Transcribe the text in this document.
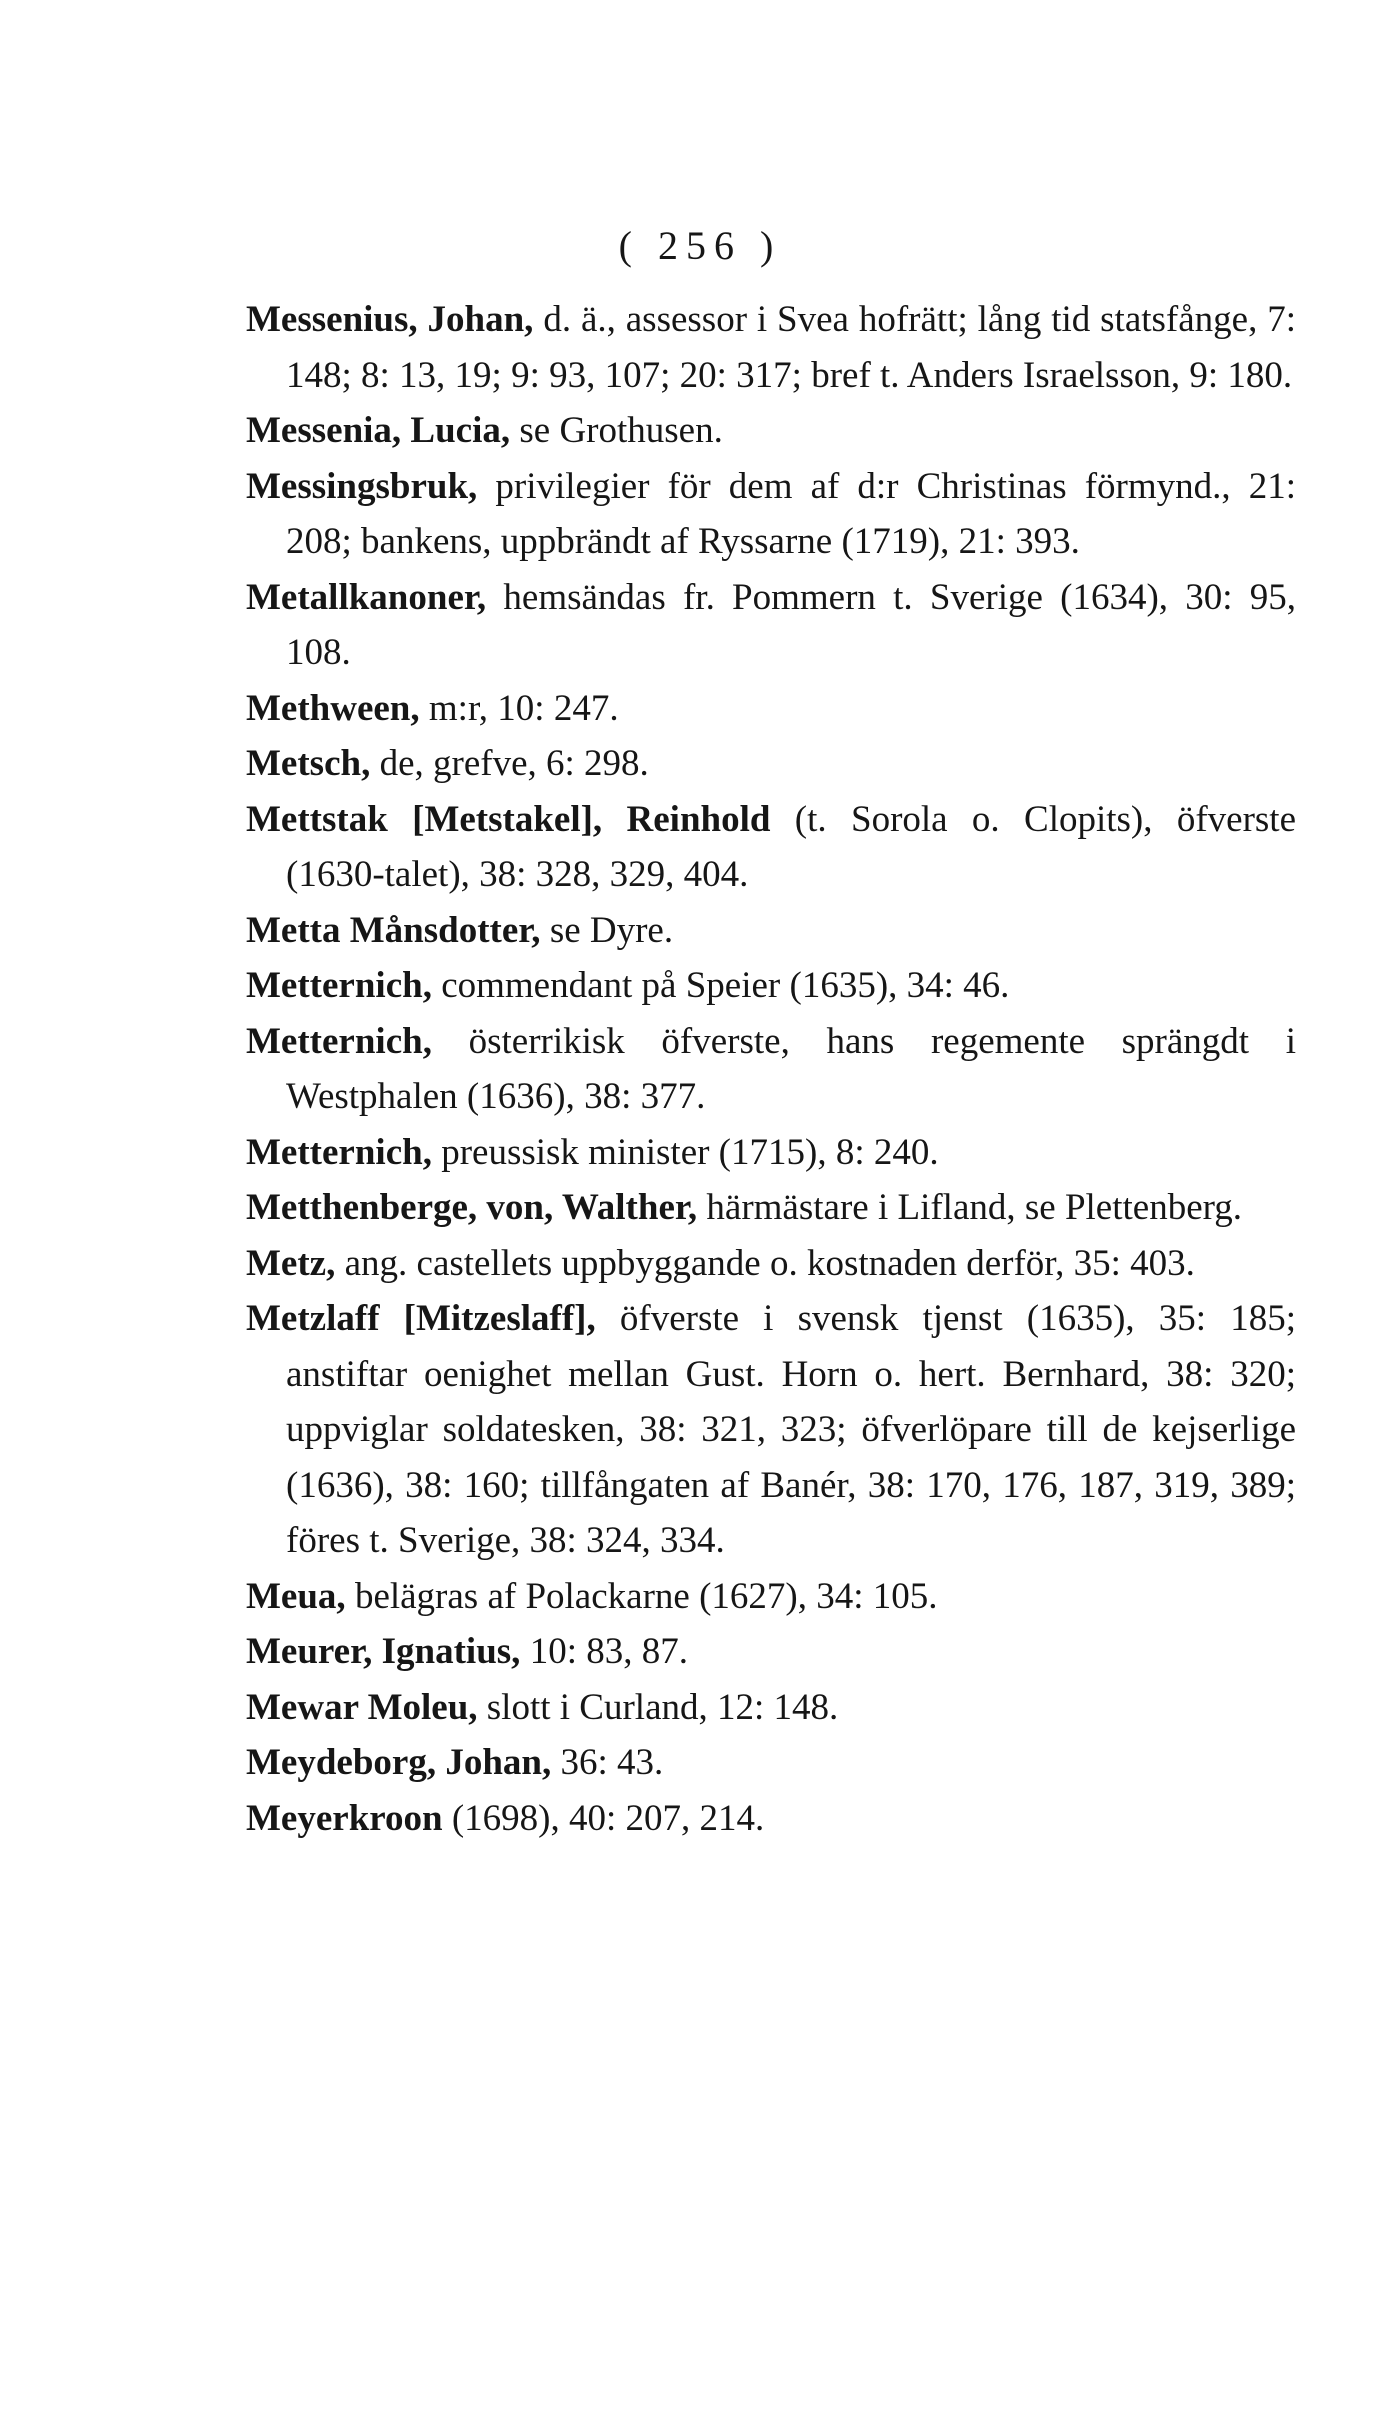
( 256 )
Messenius, Johan, d. ä., assessor i Svea hofrätt; lång tid statsfånge, 7: 148; 8: 13, 19; 9: 93, 107; 20: 317; bref t. Anders Israelsson, 9: 180.
Messenia, Lucia, se Grothusen.
Messingsbruk, privilegier för dem af d:r Christinas förmynd., 21: 208; bankens, uppbrändt af Ryssarne (1719), 21: 393.
Metallkanoner, hemsändas fr. Pommern t. Sverige (1634), 30: 95, 108.
Methween, m:r, 10: 247.
Metsch, de, grefve, 6: 298.
Mettstak [Metstakel], Reinhold (t. Sorola o. Clopits), öfverste (1630-talet), 38: 328, 329, 404.
Metta Månsdotter, se Dyre.
Metternich, commendant på Speier (1635), 34: 46.
Metternich, österrikisk öfverste, hans regemente sprängdt i Westphalen (1636), 38: 377.
Metternich, preussisk minister (1715), 8: 240.
Metthenberge, von, Walther, härmästare i Lifland, se Plettenberg.
Metz, ang. castellets uppbyggande o. kostnaden derför, 35: 403.
Metzlaff [Mitzeslaff], öfverste i svensk tjenst (1635), 35: 185; anstiftar oenighet mellan Gust. Horn o. hert. Bernhard, 38: 320; uppviglar soldatesken, 38: 321, 323; öfverlöpare till de kejserlige (1636), 38: 160; tillfångaten af Banér, 38: 170, 176, 187, 319, 389; föres t. Sverige, 38: 324, 334.
Meua, belägras af Polackarne (1627), 34: 105.
Meurer, Ignatius, 10: 83, 87.
Mewar Moleu, slott i Curland, 12: 148.
Meydeborg, Johan, 36: 43.
Meyerkroon (1698), 40: 207, 214.
